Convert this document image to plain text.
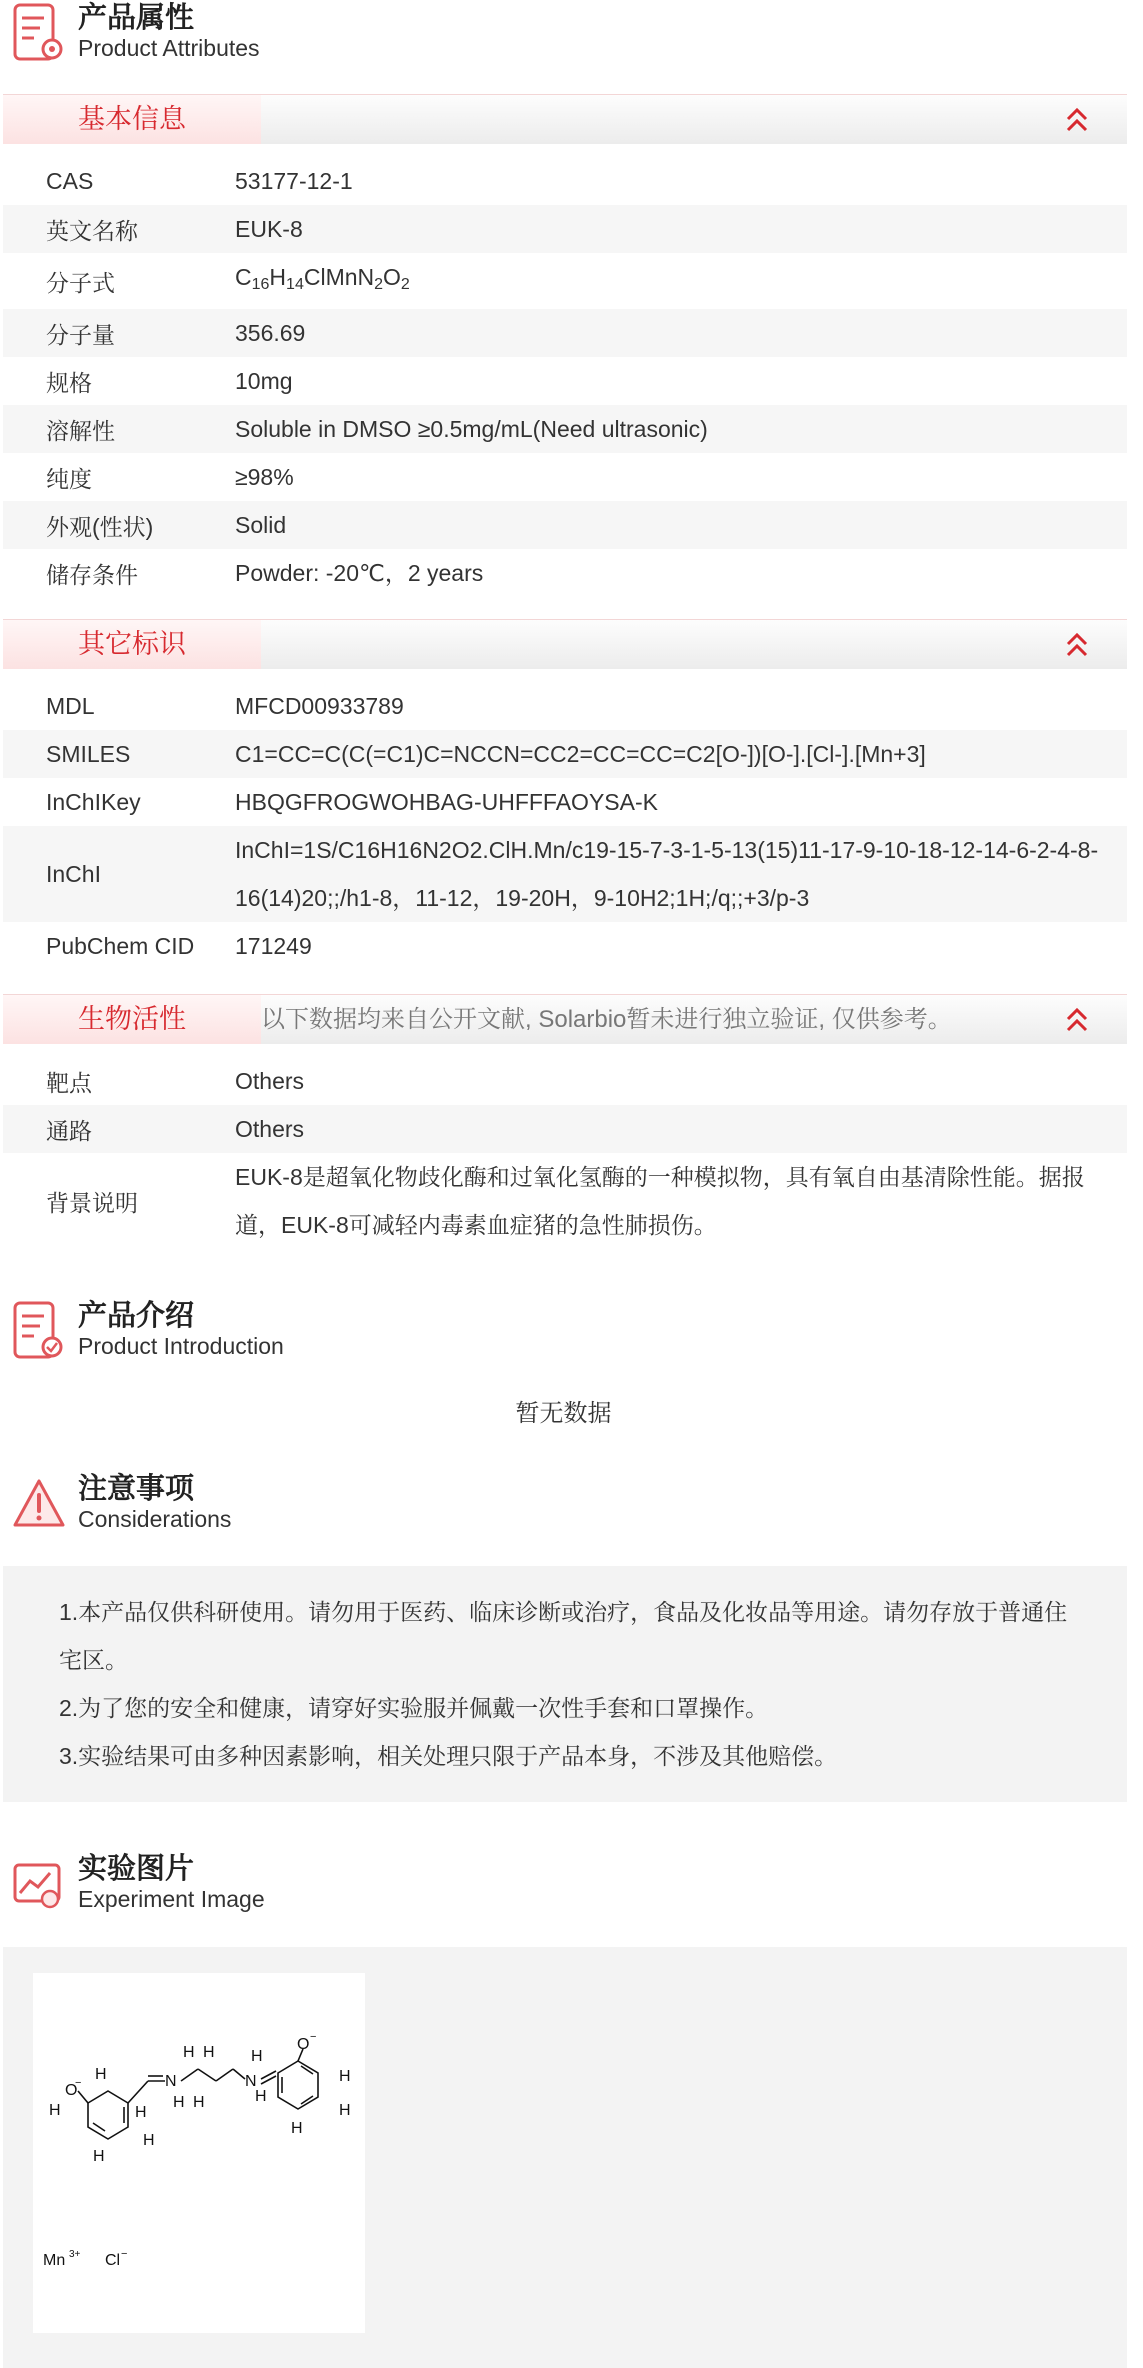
产品属性
Product Attributes
基本信息
CAS	53177-12-1
英文名称	EUK-8
分子式	$C_{16}H_{14}ClMnN_2O_2$
分子量	356.69
规格	10mg
溶解性	Soluble in DMSO ≥0.5mg/mL(Need ultrasonic)
纯度	≥98%
外观(性状)	Solid
储存条件	Powder: -20℃，2 years
其它标识
MDL	MFCD00933789
SMILES	C1=CC=C(C(=C1)C=NCCN=CC2=CC=CC=C2[O-])[O-].[Cl-].[Mn+3]
InChIKey	HBQGFROGWOHBAG-UHFFFAOYSA-K
InChI
InChI=1S/C16H16N2O2.ClH.Mn/c19-15-7-3-1-5-13(15)11-17-9-10-18-12-14-6-2-4-8-16(14)20;;/h1-8，11-12，19-20H，9-10H2;1H;/q;;+3/p-3
PubChem CID	171249
生物活性	以下数据均来自公开文献, Solarbio暂未进行独立验证, 仅供参考。
靶点	Others
通路	Others
背景说明
EUK-8是超氧化物歧化酶和过氧化氢酶的一种模拟物，具有氧自由基清除性能。据报道，EUK-8可减轻内毒素血症猪的急性肺损伤。
产品介绍
Product Introduction
暂无数据
注意事项
Considerations

1.本产品仅供科研使用。请勿用于医药、临床诊断或治疗，食品及化妆品等用途。请勿存放于普通住宅区。

2.为了您的安全和健康，请穿好实验服并佩戴一次性手套和口罩操作。

3.实验结果可由多种因素影响，相关处理只限于产品本身，不涉及其他赔偿。

实验图片
Experiment Image
O
−	N	N
O −
H
H H
H H
H
H	H
H
H
H
H
H
H
Mn 3+ Cl −
